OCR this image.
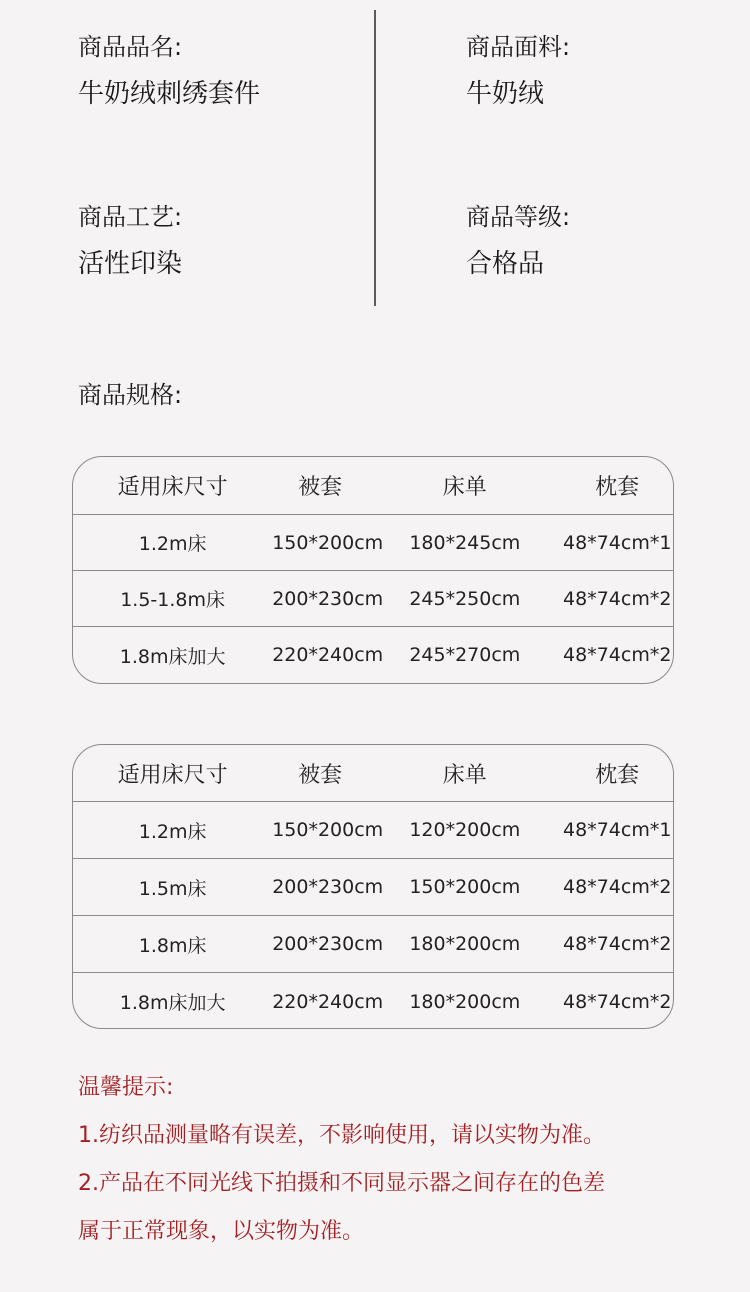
商品品名:
牛奶绒刺绣套件
商品面料:
牛奶绒
商品工艺:
活性印染
商品等级:
合格品
商品规格:
适用床尺寸	被套	床单	枕套
1.2m床	150*200cm	180*245cm	48*74cm*1
1.5-1.8m床	200*230cm	245*250cm	48*74cm*2
1.8m床加大	220*240cm	245*270cm	48*74cm*2
适用床尺寸	被套	床单	枕套
1.2m床	150*200cm	120*200cm	48*74cm*1
1.5m床	200*230cm	150*200cm	48*74cm*2
1.8m床	200*230cm	180*200cm	48*74cm*2
1.8m床加大	220*240cm	180*200cm	48*74cm*2
温馨提示:
1.纺织品测量略有误差，不影响使用，请以实物为准。
2.产品在不同光线下拍摄和不同显示器之间存在的色差
属于正常现象，以实物为准。
